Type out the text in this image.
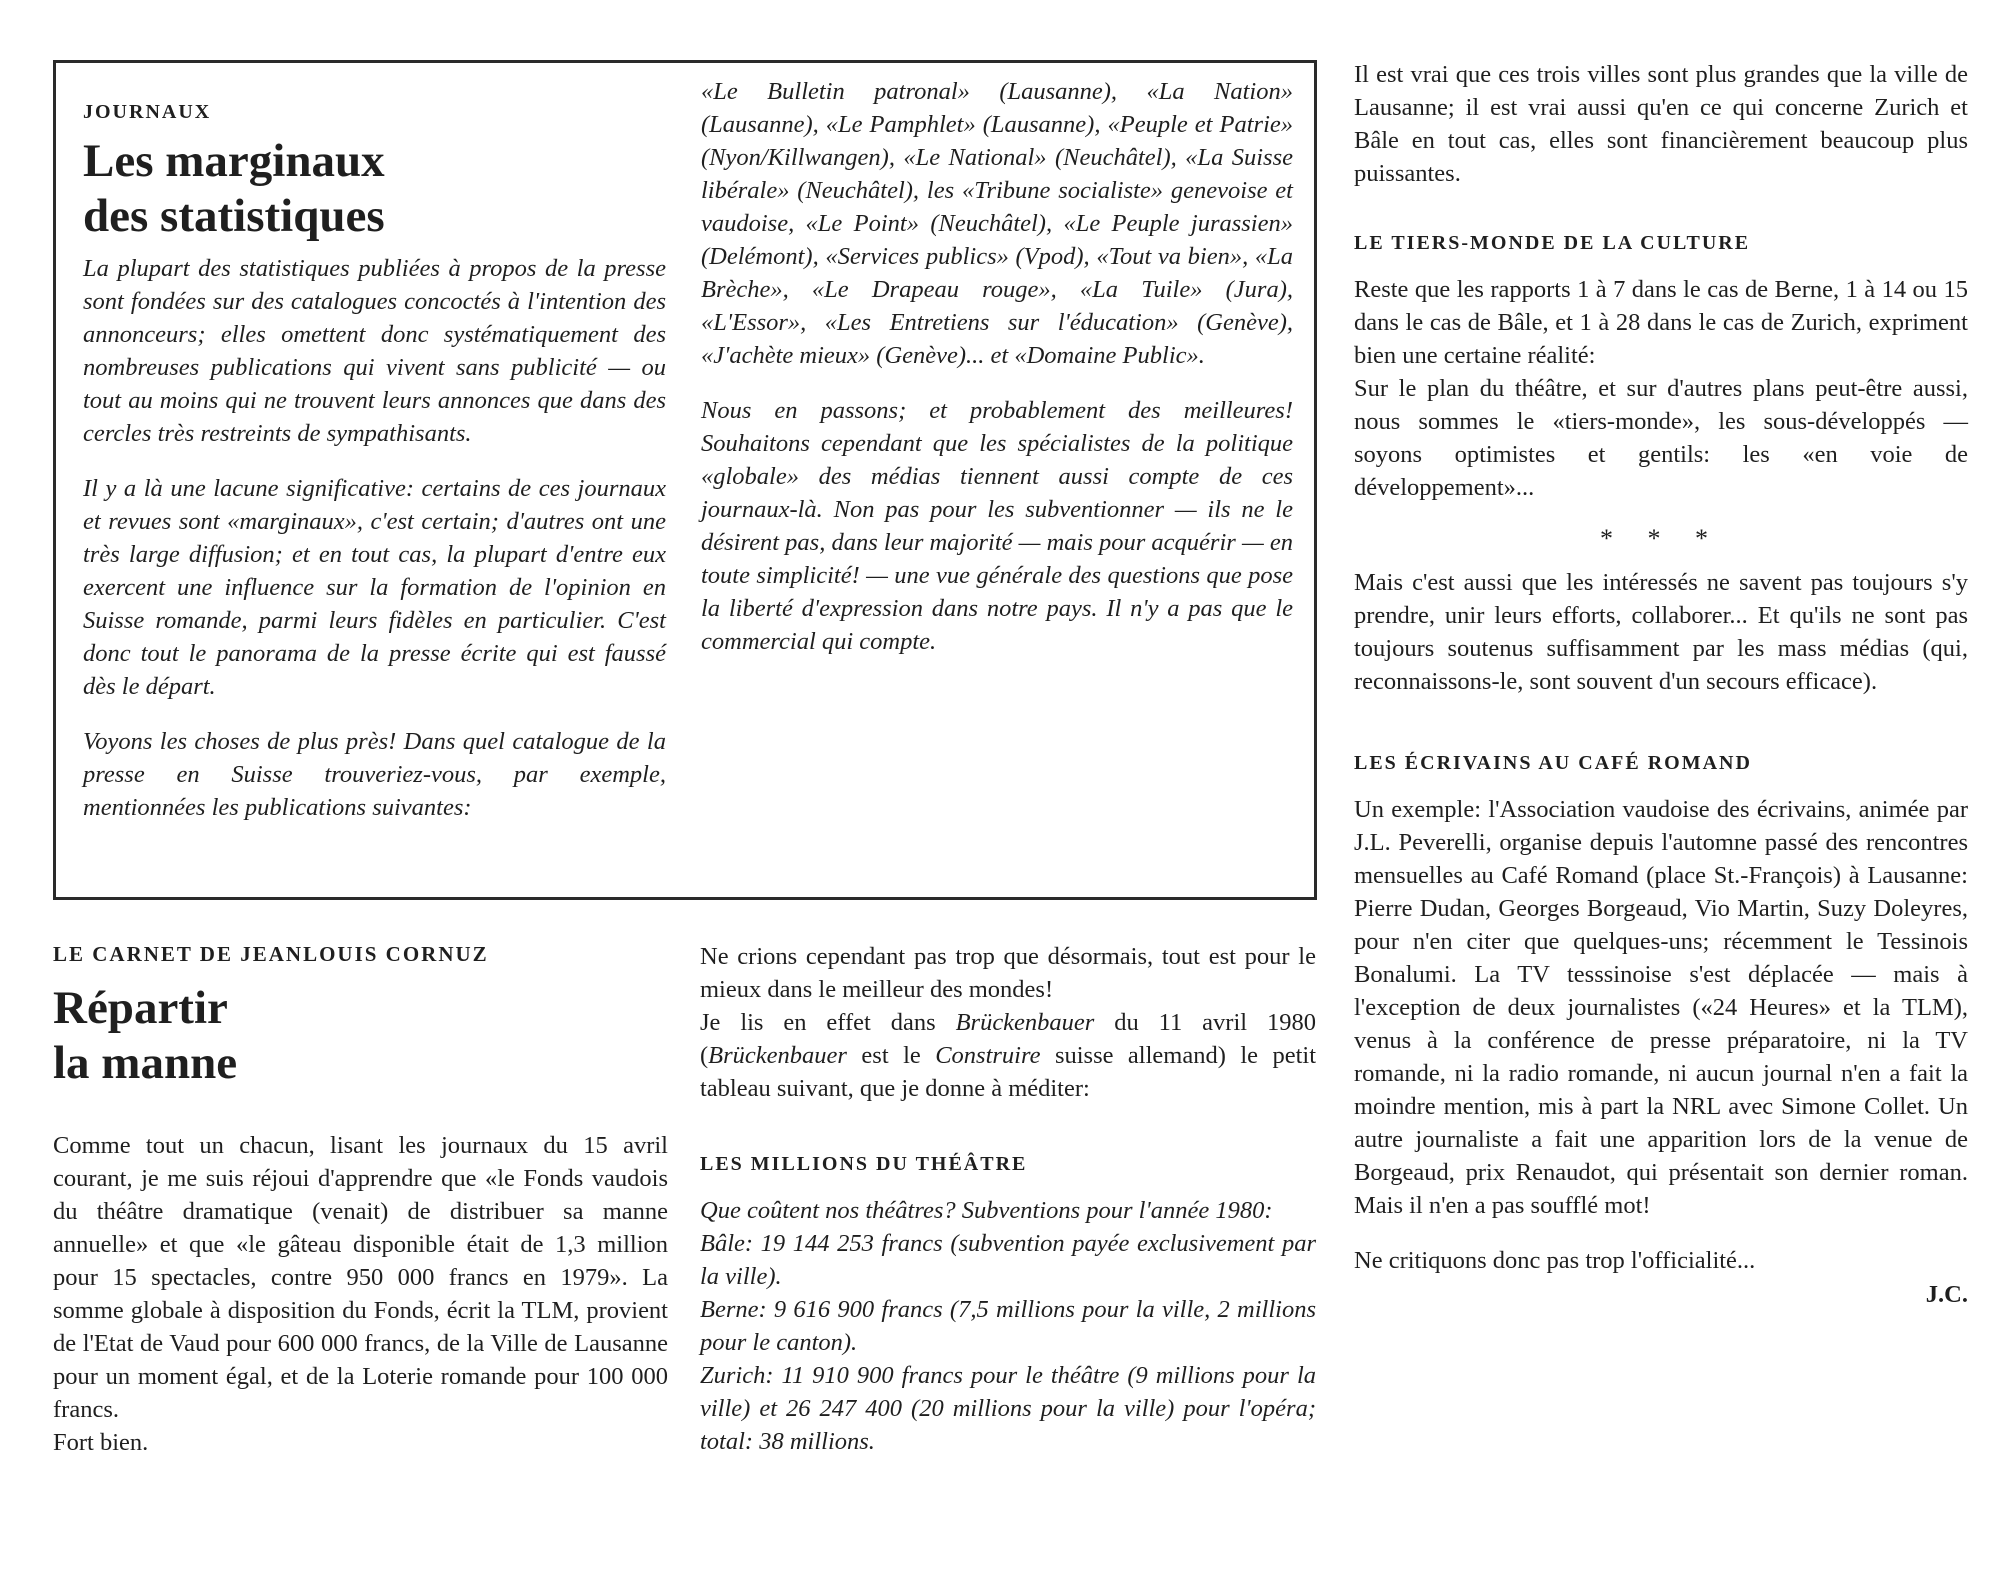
JOURNAUX

Les marginaux
des statistiques

La plupart des statistiques publiées à propos de la presse sont fondées sur des catalogues concoctés à l'intention des annonceurs; elles omettent donc systématiquement des nombreuses publications qui vivent sans publicité — ou tout au moins qui ne trouvent leurs annonces que dans des cercles très restreints de sympathisants.

Il y a là une lacune significative: certains de ces journaux et revues sont «marginaux», c'est certain; d'autres ont une très large diffusion; et en tout cas, la plupart d'entre eux exercent une influence sur la formation de l'opinion en Suisse romande, parmi leurs fidèles en particulier. C'est donc tout le panorama de la presse écrite qui est faussé dès le départ.

Voyons les choses de plus près! Dans quel catalogue de la presse en Suisse trouveriez-vous, par exemple, mentionnées les publications suivantes:

«Le Bulletin patronal» (Lausanne), «La Nation» (Lausanne), «Le Pamphlet» (Lausanne), «Peuple et Patrie» (Nyon/Killwangen), «Le National» (Neuchâtel), «La Suisse libérale» (Neuchâtel), les «Tribune socialiste» genevoise et vaudoise, «Le Point» (Neuchâtel), «Le Peuple jurassien» (Delémont), «Services publics» (Vpod), «Tout va bien», «La Brèche», «Le Drapeau rouge», «La Tuile» (Jura), «L'Essor», «Les Entretiens sur l'éducation» (Genève), «J'achète mieux» (Genève)... et «Domaine Public».

Nous en passons; et probablement des meilleures! Souhaitons cependant que les spécialistes de la politique «globale» des médias tiennent aussi compte de ces journaux-là. Non pas pour les subventionner — ils ne le désirent pas, dans leur majorité — mais pour acquérir — en toute simplicité! — une vue générale des questions que pose la liberté d'expression dans notre pays. Il n'y a pas que le commercial qui compte.

LE CARNET DE JEANLOUIS CORNUZ

Répartir
la manne

Comme tout un chacun, lisant les journaux du 15 avril courant, je me suis réjoui d'apprendre que «le Fonds vaudois du théâtre dramatique (venait) de distribuer sa manne annuelle» et que «le gâteau disponible était de 1,3 million pour 15 spectacles, contre 950 000 francs en 1979». La somme globale à disposition du Fonds, écrit la TLM, provient de l'Etat de Vaud pour 600 000 francs, de la Ville de Lausanne pour un moment égal, et de la Loterie romande pour 100 000 francs.

Fort bien.

Ne crions cependant pas trop que désormais, tout est pour le mieux dans le meilleur des mondes!

Je lis en effet dans Brückenbauer du 11 avril 1980 (Brückenbauer est le Construire suisse allemand) le petit tableau suivant, que je donne à méditer:

LES MILLIONS DU THÉÂTRE

Que coûtent nos théâtres? Subventions pour l'année 1980:

Bâle: 19 144 253 francs (subvention payée exclusivement par la ville).

Berne: 9 616 900 francs (7,5 millions pour la ville, 2 millions pour le canton).

Zurich: 11 910 900 francs pour le théâtre (9 millions pour la ville) et 26 247 400 (20 millions pour la ville) pour l'opéra; total: 38 millions.

Il est vrai que ces trois villes sont plus grandes que la ville de Lausanne; il est vrai aussi qu'en ce qui concerne Zurich et Bâle en tout cas, elles sont financièrement beaucoup plus puissantes.

LE TIERS-MONDE DE LA CULTURE

Reste que les rapports 1 à 7 dans le cas de Berne, 1 à 14 ou 15 dans le cas de Bâle, et 1 à 28 dans le cas de Zurich, expriment bien une certaine réalité:

Sur le plan du théâtre, et sur d'autres plans peut-être aussi, nous sommes le «tiers-monde», les sous-développés — soyons optimistes et gentils: les «en voie de développement»...

* * *

Mais c'est aussi que les intéressés ne savent pas toujours s'y prendre, unir leurs efforts, collaborer... Et qu'ils ne sont pas toujours soutenus suffisamment par les mass médias (qui, reconnaissons-le, sont souvent d'un secours efficace).

LES ÉCRIVAINS AU CAFÉ ROMAND

Un exemple: l'Association vaudoise des écrivains, animée par J.L. Peverelli, organise depuis l'automne passé des rencontres mensuelles au Café Romand (place St.-François) à Lausanne: Pierre Dudan, Georges Borgeaud, Vio Martin, Suzy Doleyres, pour n'en citer que quelques-uns; récemment le Tessinois Bonalumi. La TV tesssinoise s'est déplacée — mais à l'exception de deux journalistes («24 Heures» et la TLM), venus à la conférence de presse préparatoire, ni la TV romande, ni la radio romande, ni aucun journal n'en a fait la moindre mention, mis à part la NRL avec Simone Collet. Un autre journaliste a fait une apparition lors de la venue de Borgeaud, prix Renaudot, qui présentait son dernier roman. Mais il n'en a pas soufflé mot!

Ne critiquons donc pas trop l'officialité...

J.C.
